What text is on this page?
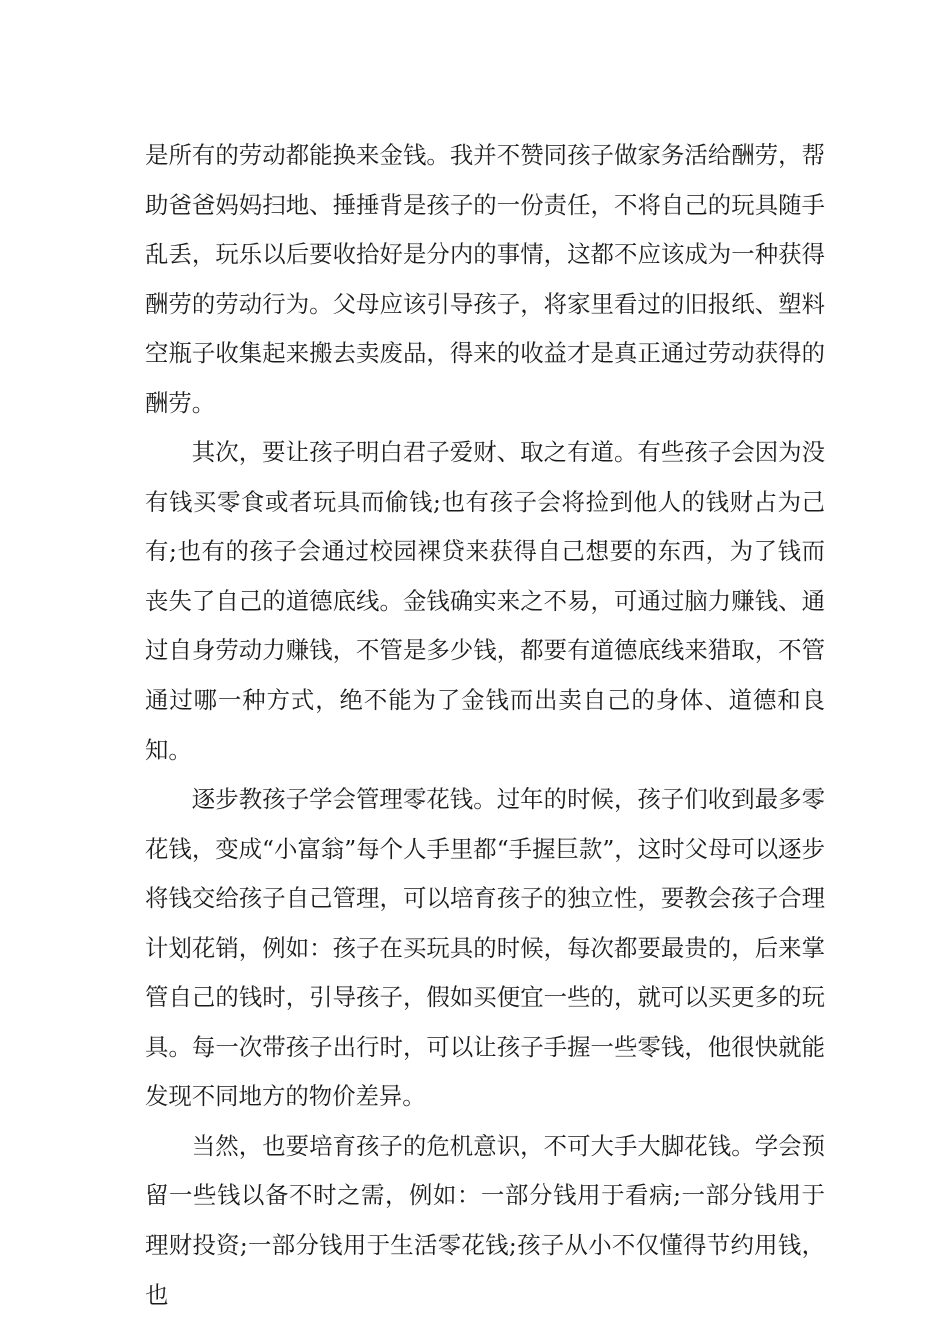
是所有的劳动都能换来金钱。我并不赞同孩子做家务活给酬劳，帮助爸爸妈妈扫地、捶捶背是孩子的一份责任，不将自己的玩具随手乱丢，玩乐以后要收拾好是分内的事情，这都不应该成为一种获得酬劳的劳动行为。父母应该引导孩子，将家里看过的旧报纸、塑料空瓶子收集起来搬去卖废品，得来的收益才是真正通过劳动获得的酬劳。

其次，要让孩子明白君子爱财、取之有道。有些孩子会因为没有钱买零食或者玩具而偷钱;也有孩子会将捡到他人的钱财占为己有;也有的孩子会通过校园裸贷来获得自己想要的东西，为了钱而丧失了自己的道德底线。金钱确实来之不易，可通过脑力赚钱、通过自身劳动力赚钱，不管是多少钱，都要有道德底线来猎取，不管通过哪一种方式，绝不能为了金钱而出卖自己的身体、道德和良知。

逐步教孩子学会管理零花钱。过年的时候，孩子们收到最多零花钱，变成“小富翁”每个人手里都“手握巨款”，这时父母可以逐步将钱交给孩子自己管理，可以培育孩子的独立性，要教会孩子合理计划花销，例如：孩子在买玩具的时候，每次都要最贵的，后来掌管自己的钱时，引导孩子，假如买便宜一些的，就可以买更多的玩具。每一次带孩子出行时，可以让孩子手握一些零钱，他很快就能发现不同地方的物价差异。

当然，也要培育孩子的危机意识，不可大手大脚花钱。学会预留一些钱以备不时之需，例如：一部分钱用于看病;一部分钱用于理财投资;一部分钱用于生活零花钱;孩子从小不仅懂得节约用钱，也
